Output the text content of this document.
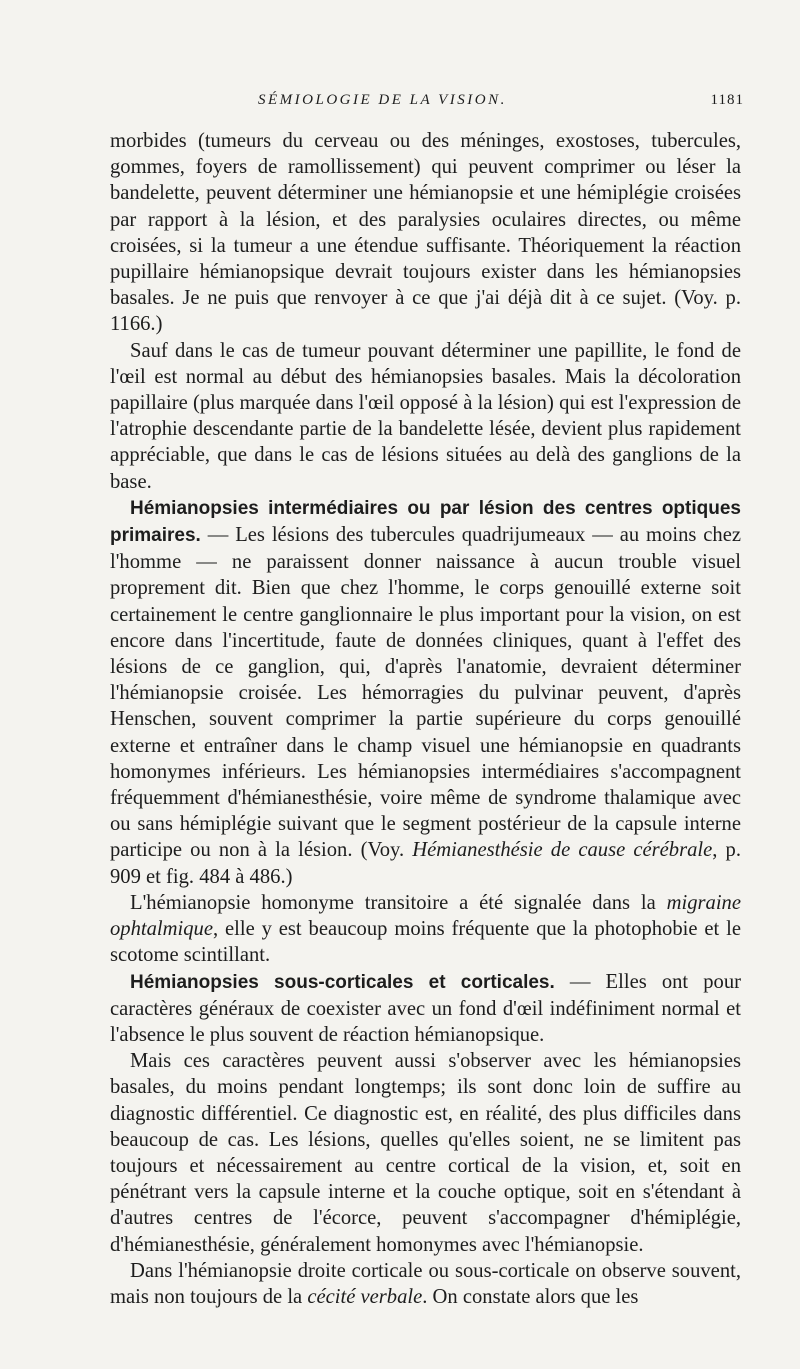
SÉMIOLOGIE DE LA VISION.	1181

morbides (tumeurs du cerveau ou des méninges, exostoses, tubercules, gommes, foyers de ramollissement) qui peuvent comprimer ou léser la bandelette, peuvent déterminer une hémianopsie et une hémiplégie croisées par rapport à la lésion, et des paralysies oculaires directes, ou même croisées, si la tumeur a une étendue suffisante. Théoriquement la réaction pupillaire hémianopsique devrait toujours exister dans les hémianopsies basales. Je ne puis que renvoyer à ce que j'ai déjà dit à ce sujet. (Voy. p. 1166.)

Sauf dans le cas de tumeur pouvant déterminer une papillite, le fond de l'œil est normal au début des hémianopsies basales. Mais la décoloration papillaire (plus marquée dans l'œil opposé à la lésion) qui est l'expression de l'atrophie descendante partie de la bandelette lésée, devient plus rapidement appréciable, que dans le cas de lésions situées au delà des ganglions de la base.

Hémianopsies intermédiaires ou par lésion des centres optiques primaires. — Les lésions des tubercules quadrijumeaux — au moins chez l'homme — ne paraissent donner naissance à aucun trouble visuel proprement dit. Bien que chez l'homme, le corps genouillé externe soit certainement le centre ganglionnaire le plus important pour la vision, on est encore dans l'incertitude, faute de données cliniques, quant à l'effet des lésions de ce ganglion, qui, d'après l'anatomie, devraient déterminer l'hémianopsie croisée. Les hémorragies du pulvinar peuvent, d'après Henschen, souvent comprimer la partie supérieure du corps genouillé externe et entraîner dans le champ visuel une hémianopsie en quadrants homonymes inférieurs. Les hémianopsies intermédiaires s'accompagnent fréquemment d'hémianesthésie, voire même de syndrome thalamique avec ou sans hémiplégie suivant que le segment postérieur de la capsule interne participe ou non à la lésion. (Voy. Hémianesthésie de cause cérébrale, p. 909 et fig. 484 à 486.)

L'hémianopsie homonyme transitoire a été signalée dans la migraine ophtalmique, elle y est beaucoup moins fréquente que la photophobie et le scotome scintillant.

Hémianopsies sous-corticales et corticales. — Elles ont pour caractères généraux de coexister avec un fond d'œil indéfiniment normal et l'absence le plus souvent de réaction hémianopsique.

Mais ces caractères peuvent aussi s'observer avec les hémianopsies basales, du moins pendant longtemps; ils sont donc loin de suffire au diagnostic différentiel. Ce diagnostic est, en réalité, des plus difficiles dans beaucoup de cas. Les lésions, quelles qu'elles soient, ne se limitent pas toujours et nécessairement au centre cortical de la vision, et, soit en pénétrant vers la capsule interne et la couche optique, soit en s'étendant à d'autres centres de l'écorce, peuvent s'accompagner d'hémiplégie, d'hémianesthésie, généralement homonymes avec l'hémianopsie.

Dans l'hémianopsie droite corticale ou sous-corticale on observe souvent, mais non toujours de la cécité verbale. On constate alors que les
